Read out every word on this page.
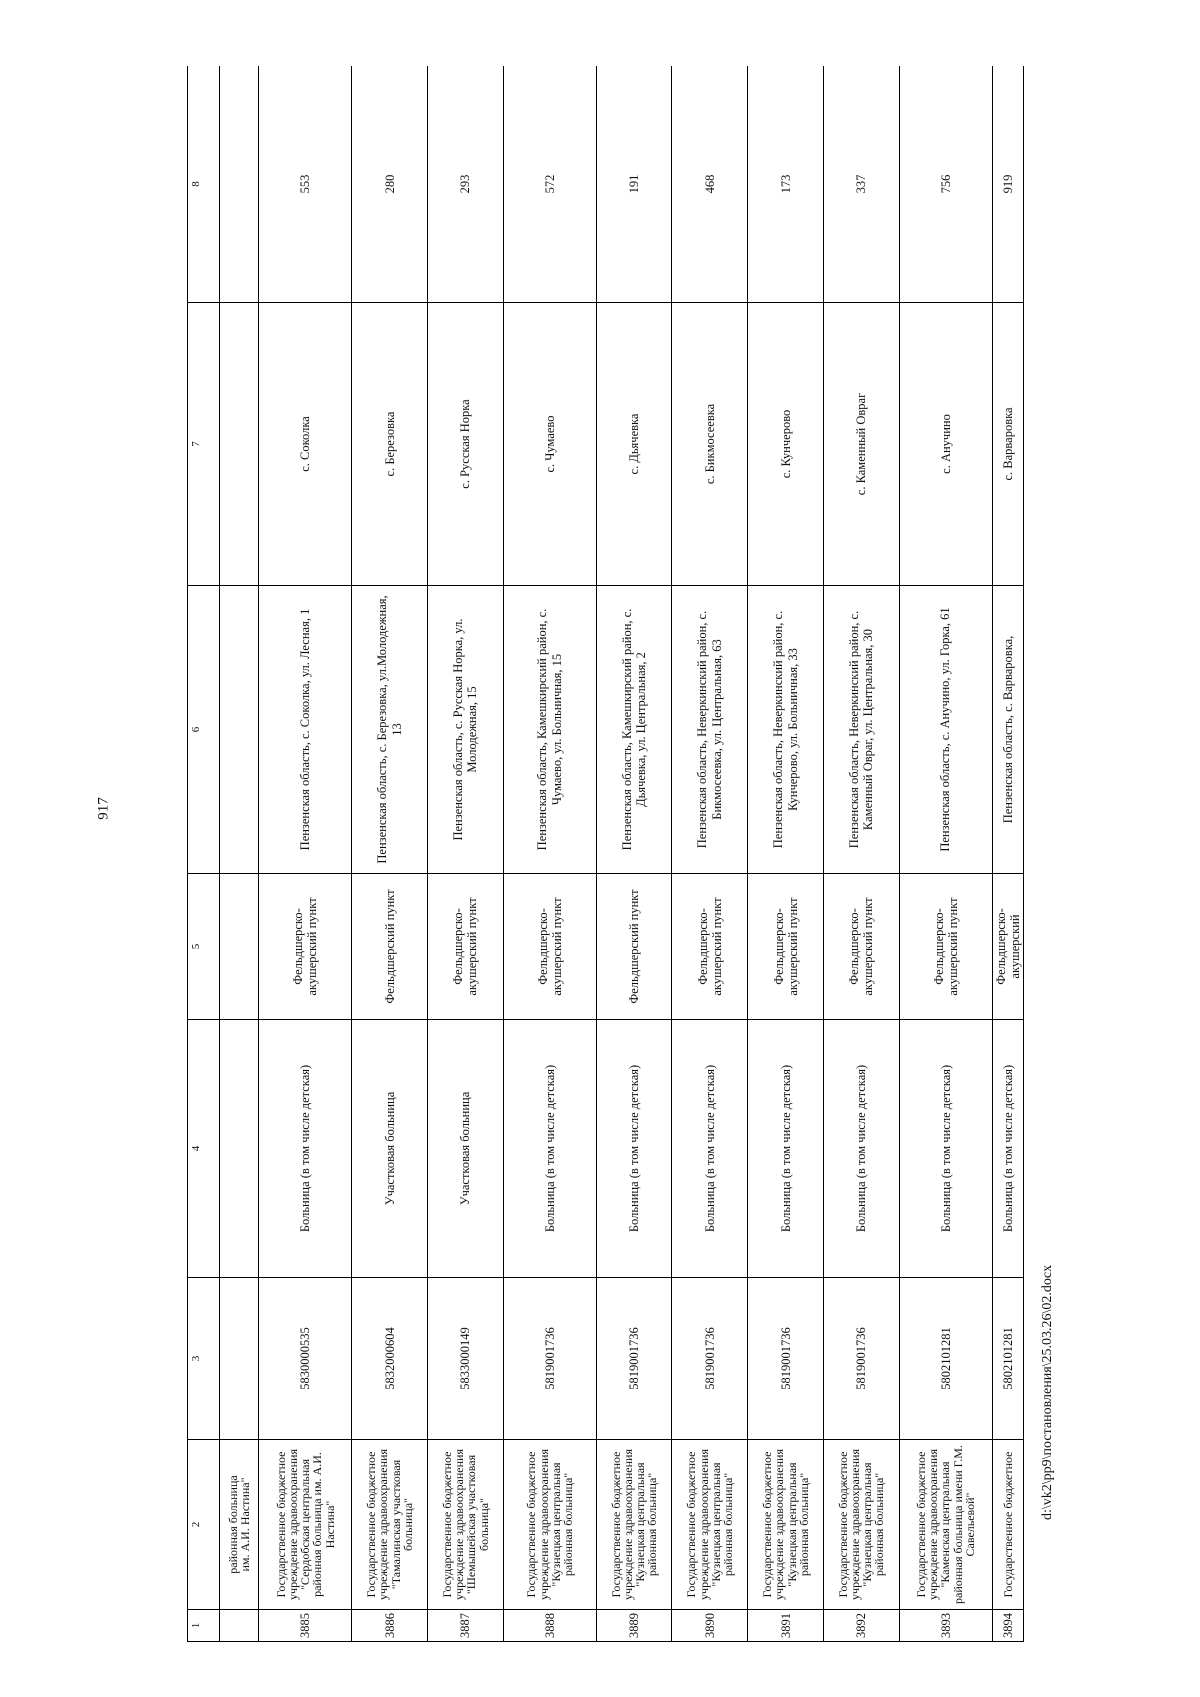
917
1	2	3	4	5	6	7	8
	районная больница
им. А.И. Настина"						
3885	Государственное бюджетное учреждение здравоохранения "Сердобская центральная районная больница им. А.И. Настина"	5830000535	Больница (в том числе детская)	Фельдшерско-акушерский пункт	Пензенская область, с. Соколка, ул. Лесная, 1	с. Соколка	553
3886	Государственное бюджетное учреждение здравоохранения "Тамалинская участковая больница"	5832000604	Участковая больница	Фельдшерский пункт	Пензенская область, с. Березовка, ул.Молодежная, 13	с. Березовка	280
3887	Государственное бюджетное учреждение здравоохранения "Шемышейская участковая больница"	5833000149	Участковая больница	Фельдшерско-акушерский пункт	Пензенская область, с. Русская Норка, ул. Молодежная, 15	с. Русская Норка	293
3888	Государственное бюджетное учреждение здравоохранения "Кузнецкая центральная районная больница"	5819001736	Больница (в том числе детская)	Фельдшерско-акушерский пункт	Пензенская область, Камешкирский район, с. Чумаево, ул. Больничная, 15	с. Чумаево	572
3889	Государственное бюджетное учреждение здравоохранения "Кузнецкая центральная районная больница"	5819001736	Больница (в том числе детская)	Фельдшерский пункт	Пензенская область, Камешкирский район, с. Дьячевка, ул. Центральная, 2	с. Дьячевка	191
3890	Государственное бюджетное учреждение здравоохранения "Кузнецкая центральная районная больница"	5819001736	Больница (в том числе детская)	Фельдшерско-акушерский пункт	Пензенская область, Неверкинский район, с. Бикмосеевка, ул. Центральная, 63	с. Бикмосеевка	468
3891	Государственное бюджетное учреждение здравоохранения "Кузнецкая центральная районная больница"	5819001736	Больница (в том числе детская)	Фельдшерско-акушерский пункт	Пензенская область, Неверкинский район, с. Кунчерово, ул. Больничная, 33	с. Кунчерово	173
3892	Государственное бюджетное учреждение здравоохранения "Кузнецкая центральная районная больница"	5819001736	Больница (в том числе детская)	Фельдшерско-акушерский пункт	Пензенская область, Неверкинский район, с. Каменный Овраг, ул. Центральная, 30	с. Каменный Овраг	337
3893	Государственное бюджетное учреждение здравоохранения "Каменская центральная районная больница имени Г.М. Савельевой"	5802101281	Больница (в том числе детская)	Фельдшерско-акушерский пункт	Пензенская область, с. Анучино, ул. Горка, 61	с. Анучино	756
3894	Государственное бюджетное	5802101281	Больница (в том числе детская)	Фельдшерско-акушерский	Пензенская область, с. Варваровка,	с. Варваровка	919
d:\vk2\pp9\постановления\25.03.26\02.docx
